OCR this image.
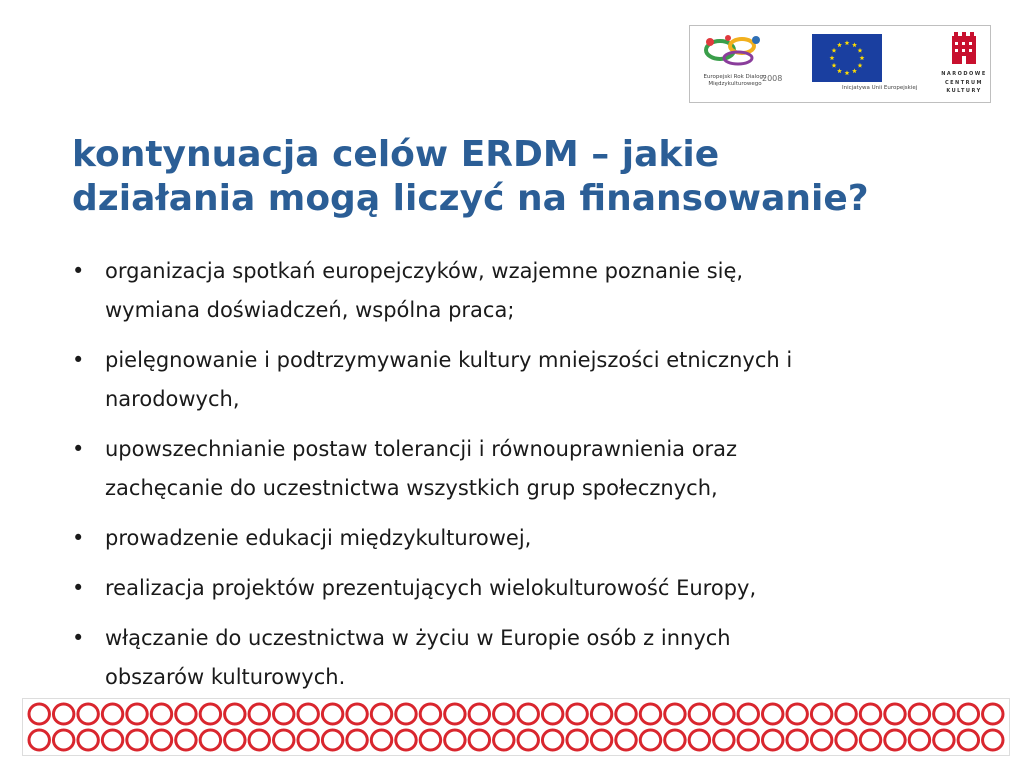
Europejski Rok Dialogu Międzykulturowego
2008
Inicjatywa Unii Europejskiej
NARODOWE
CENTRUM
KULTURY
kontynuacja celów ERDM – jakie
działania mogą liczyć na finansowanie?
• organizacja spotkań europejczyków, wzajemne poznanie się,
wymiana doświadczeń, wspólna praca;
• pielęgnowanie i podtrzymywanie kultury mniejszości etnicznych i
narodowych,
• upowszechnianie postaw tolerancji i równouprawnienia oraz
zachęcanie do uczestnictwa wszystkich grup społecznych,
• prowadzenie edukacji międzykulturowej,
• realizacja projektów prezentujących wielokulturowość Europy,
• włączanie do uczestnictwa w życiu w Europie osób z innych
obszarów kulturowych.
